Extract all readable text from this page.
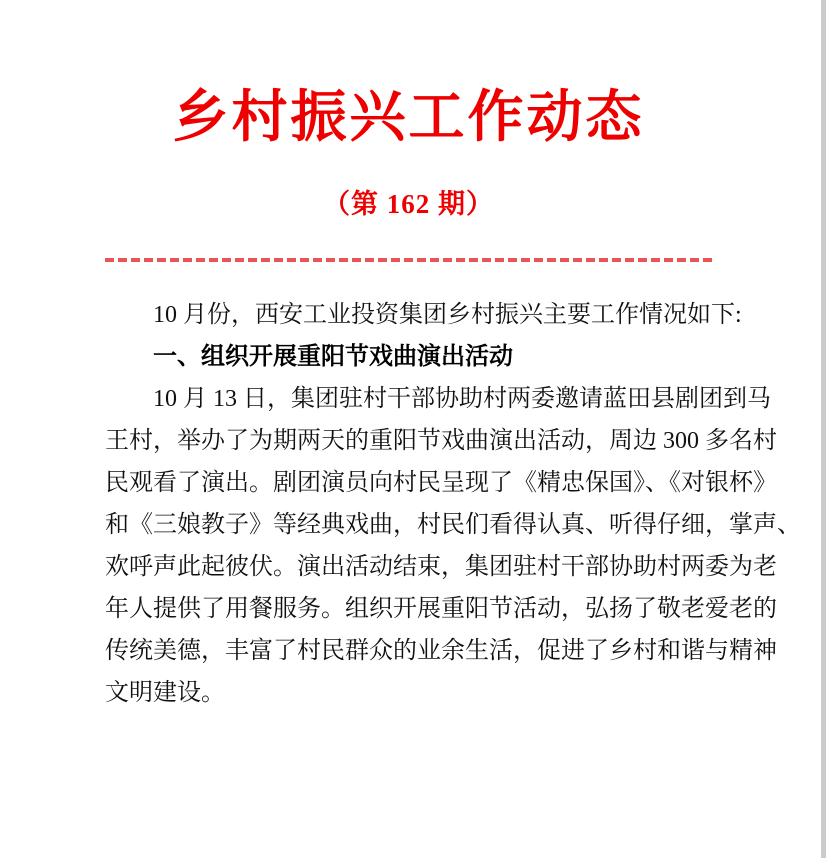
乡村振兴工作动态
（第 162 期）

10 月份，西安工业投资集团乡村振兴主要工作情况如下:

一、组织开展重阳节戏曲演出活动

10 月 13 日，集团驻村干部协助村两委邀请蓝田县剧团到马

王村，举办了为期两天的重阳节戏曲演出活动，周边 300 多名村

民观看了演出。剧团演员向村民呈现了《精忠保国》、《对银杯》

和《三娘教子》等经典戏曲，村民们看得认真、听得仔细，掌声、

欢呼声此起彼伏。演出活动结束，集团驻村干部协助村两委为老

年人提供了用餐服务。组织开展重阳节活动，弘扬了敬老爱老的

传统美德，丰富了村民群众的业余生活，促进了乡村和谐与精神

文明建设。
